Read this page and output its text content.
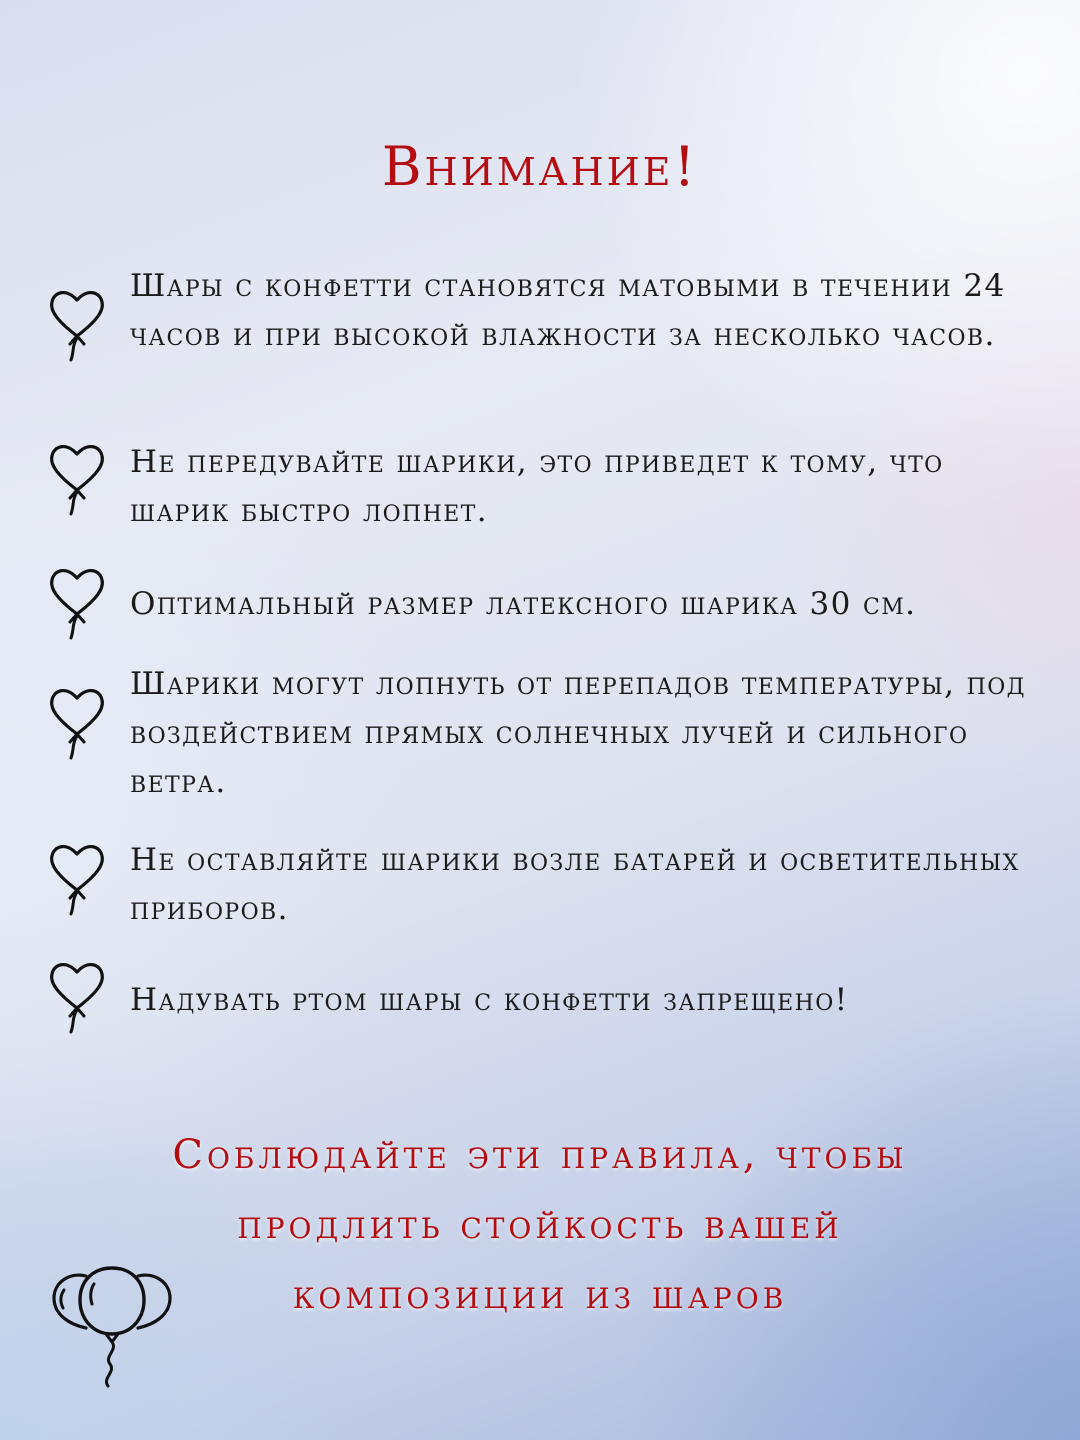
Внимание!

Шары с конфетти становятся матовыми в течении 24 часов и при высокой влажности за несколько часов.

Не передувайте шарики, это приведет к тому, что шарик быстро лопнет.

Оптимальный размер латексного шарика 30 см.

Шарики могут лопнуть от перепадов температуры, под воздействием прямых солнечных лучей и сильного ветра.

Не оставляйте шарики возле батарей и осветительных приборов.

Надувать ртом шары с конфетти запрещено!

Соблюдайте эти правила, чтобы
продлить стойкость вашей
композиции из шаров
